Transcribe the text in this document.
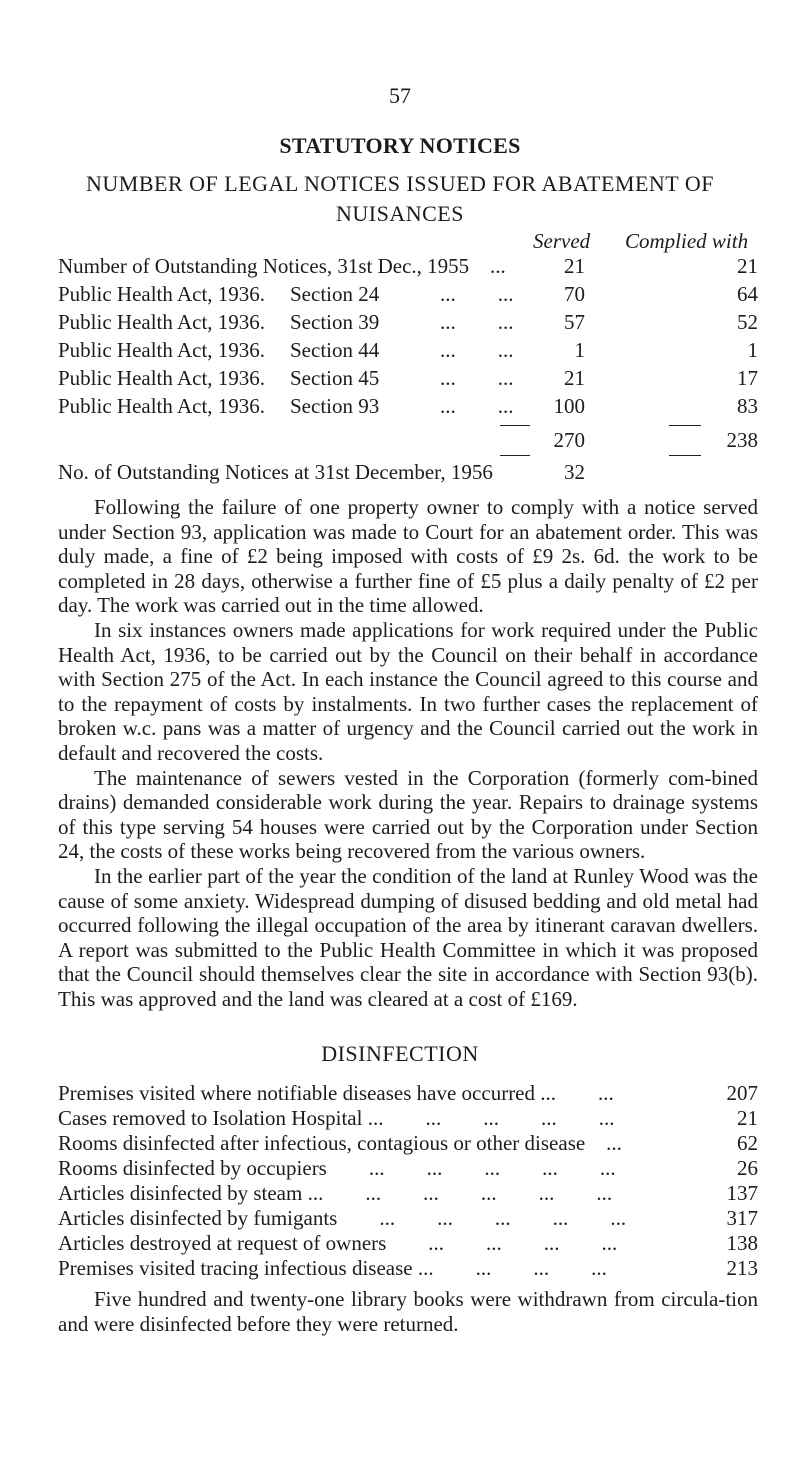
57
STATUTORY NOTICES
NUMBER OF LEGAL NOTICES ISSUED FOR ABATEMENT OF
NUISANCES
Served Complied with
Number of Outstanding Notices, 31st Dec., 1955 ...	21	21
Public Health Act, 1936. Section 24	...        ...	70	64
Public Health Act, 1936. Section 39	...        ...	57	52
Public Health Act, 1936. Section 44	...        ...	1	1
Public Health Act, 1936. Section 45	...        ...	21	17
Public Health Act, 1936. Section 93	...        ...	100	83
270	238
No. of Outstanding Notices at 31st December, 1956	32

Following the failure of one property owner to comply with a notice served under Section 93, application was made to Court for an abatement order. This was duly made, a fine of £2 being imposed with costs of £9 2s. 6d. the work to be completed in 28 days, otherwise a further fine of £5 plus a daily penalty of £2 per day. The work was carried out in the time allowed.

In six instances owners made applications for work required under the Public Health Act, 1936, to be carried out by the Council on their behalf in accordance with Section 275 of the Act. In each instance the Council agreed to this course and to the repayment of costs by instalments. In two further cases the replacement of broken w.c. pans was a matter of urgency and the Council carried out the work in default and recovered the costs.

The maintenance of sewers vested in the Corporation (formerly com-bined drains) demanded considerable work during the year. Repairs to drainage systems of this type serving 54 houses were carried out by the Corporation under Section 24, the costs of these works being recovered from the various owners.

In the earlier part of the year the condition of the land at Runley Wood was the cause of some anxiety. Widespread dumping of disused bedding and old metal had occurred following the illegal occupation of the area by itinerant caravan dwellers. A report was submitted to the Public Health Committee in which it was proposed that the Council should themselves clear the site in accordance with Section 93(b). This was approved and the land was cleared at a cost of £169.

DISINFECTION
Premises visited where notifiable diseases have occurred ...        ...	207
Cases removed to Isolation Hospital ...        ...        ...        ...        ...	21
Rooms disinfected after infectious, contagious or other disease    ...	62
Rooms disinfected by occupiers        ...        ...        ...        ...        ...	26
Articles disinfected by steam ...        ...        ...        ...        ...        ...	137
Articles disinfected by fumigants        ...        ...        ...        ...        ...	317
Articles destroyed at request of owners        ...        ...        ...        ...	138
Premises visited tracing infectious disease ...        ...        ...        ...	213

Five hundred and twenty-one library books were withdrawn from circula-tion and were disinfected before they were returned.
